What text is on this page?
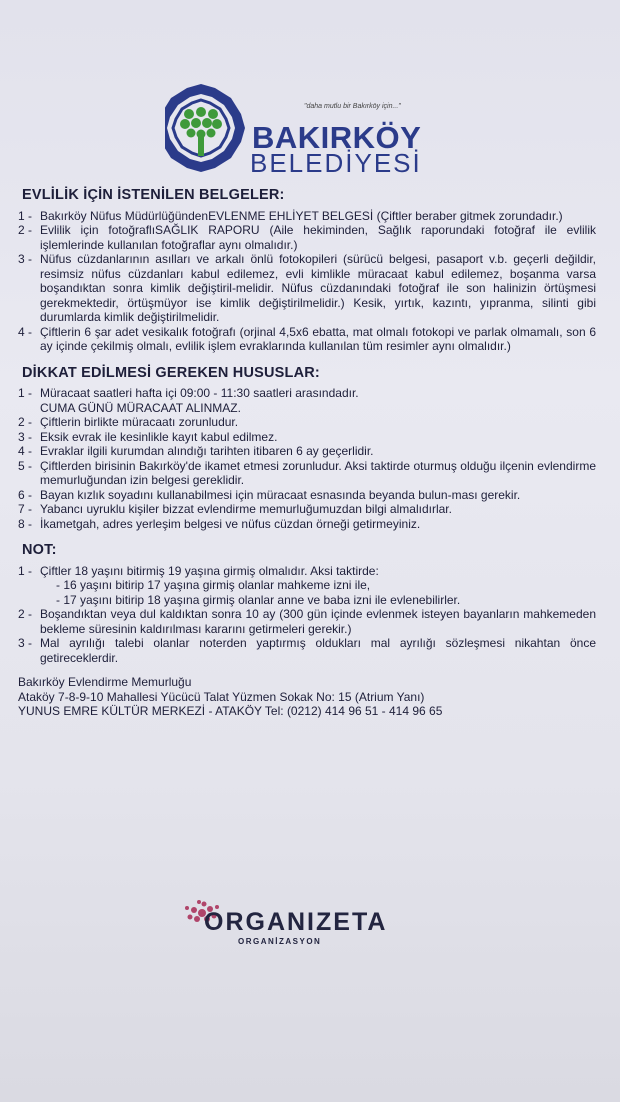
"daha mutlu bir Bakırköy için..."
BAKIRKÖY
BELEDİYESİ
EVLİLİK İÇİN İSTENİLEN BELGELER:
1 - Bakırköy Nüfus MüdürlüğündenEVLENME EHLİYET BELGESİ (Çiftler beraber gitmek zorundadır.)
2 - Evlilik için fotoğraflıSAĞLIK RAPORU (Aile hekiminden, Sağlık raporundaki fotoğraf ile evlilik işlemlerinde kullanılan fotoğraflar aynı olmalıdır.)
3 - Nüfus cüzdanlarının asılları ve arkalı önlü fotokopileri (sürücü belgesi, pasaport v.b. geçerli değildir, resimsiz nüfus cüzdanları kabul edilemez, evli kimlikle müracaat kabul edilemez, boşanma varsa boşandıktan sonra kimlik değiştiril-melidir. Nüfus cüzdanındaki fotoğraf ile son halinizin örtüşmesi gerekmektedir, örtüşmüyor ise kimlik değiştirilmelidir.) Kesik, yırtık, kazıntı, yıpranma, silinti gibi durumlarda kimlik değiştirilmelidir.
4 - Çiftlerin 6 şar adet vesikalık fotoğrafı (orjinal 4,5x6 ebatta, mat olmalı fotokopi ve parlak olmamalı, son 6 ay içinde çekilmiş olmalı, evlilik işlem evraklarında kullanılan tüm resimler aynı olmalıdır.)
DİKKAT EDİLMESİ GEREKEN HUSUSLAR:
1 - Müracaat saatleri hafta içi 09:00 - 11:30 saatleri arasındadır.
CUMA GÜNÜ MÜRACAAT ALINMAZ.
2 - Çiftlerin birlikte müracaatı zorunludur.
3 - Eksik evrak ile kesinlikle kayıt kabul edilmez.
4 - Evraklar ilgili kurumdan alındığı tarihten itibaren 6 ay geçerlidir.
5 - Çiftlerden birisinin Bakırköy'de ikamet etmesi zorunludur. Aksi taktirde oturmuş olduğu ilçenin evlendirme memurluğundan izin belgesi gereklidir.
6 - Bayan kızlık soyadını kullanabilmesi için müracaat esnasında beyanda bulun-ması gerekir.
7 - Yabancı uyruklu kişiler bizzat evlendirme memurluğumuzdan bilgi almalıdırlar.
8 - İkametgah, adres yerleşim belgesi ve nüfus cüzdan örneği getirmeyiniz.
NOT:
1 - Çiftler 18 yaşını bitirmiş 19 yaşına girmiş olmalıdır. Aksi taktirde:
- 16 yaşını bitirip 17 yaşına girmiş olanlar mahkeme izni ile,
- 17 yaşını bitirip 18 yaşına girmiş olanlar anne ve baba izni ile evlenebilirler.
2 - Boşandıktan veya dul kaldıktan sonra 10 ay (300 gün içinde evlenmek isteyen bayanların mahkemeden bekleme süresinin kaldırılması kararını getirmeleri gerekir.)
3 - Mal ayrılığı talebi olanlar noterden yaptırmış oldukları mal ayrılığı sözleşmesi nikahtan önce getireceklerdir.
Bakırköy Evlendirme Memurluğu
Ataköy 7-8-9-10 Mahallesi Yücücü Talat Yüzmen Sokak No: 15 (Atrium Yanı)
YUNUS EMRE KÜLTÜR MERKEZİ - ATAKÖY Tel: (0212) 414 96 51 - 414 96 65
ORGANIZETA
ORGANİZASYON
